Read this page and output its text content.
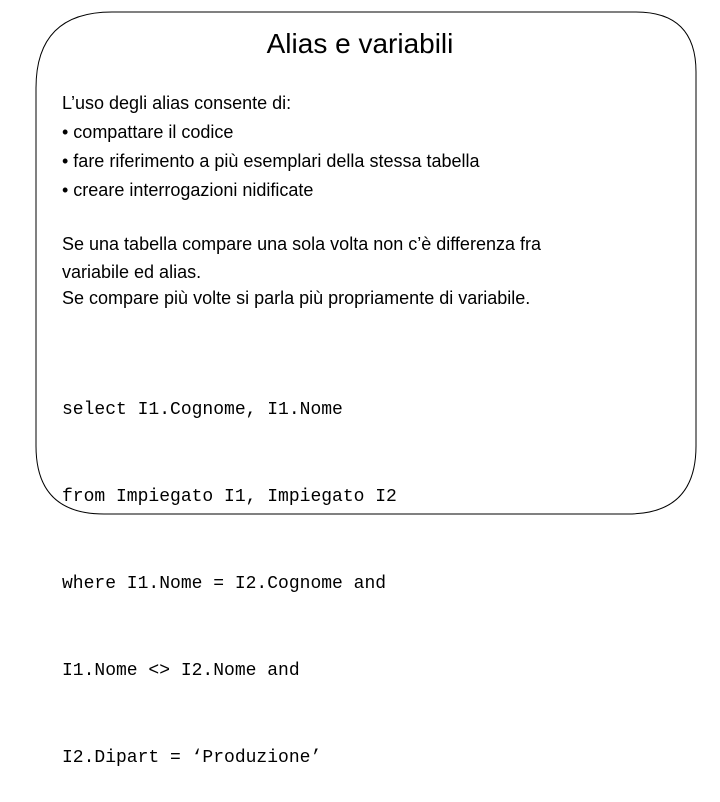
Alias e variabili

L’uso degli alias consente di:

• compattare il codice

• fare riferimento a più esemplari della stessa tabella

• creare interrogazioni nidificate

Se una tabella compare una sola volta non c’è differenza fra variabile ed alias.

Se compare più volte si parla più propriamente di variabile.

select I1.Cognome, I1.Nome

from Impiegato I1, Impiegato I2

where I1.Nome = I2.Cognome and

I1.Nome <> I2.Nome and

I2.Dipart = ‘Produzione’
